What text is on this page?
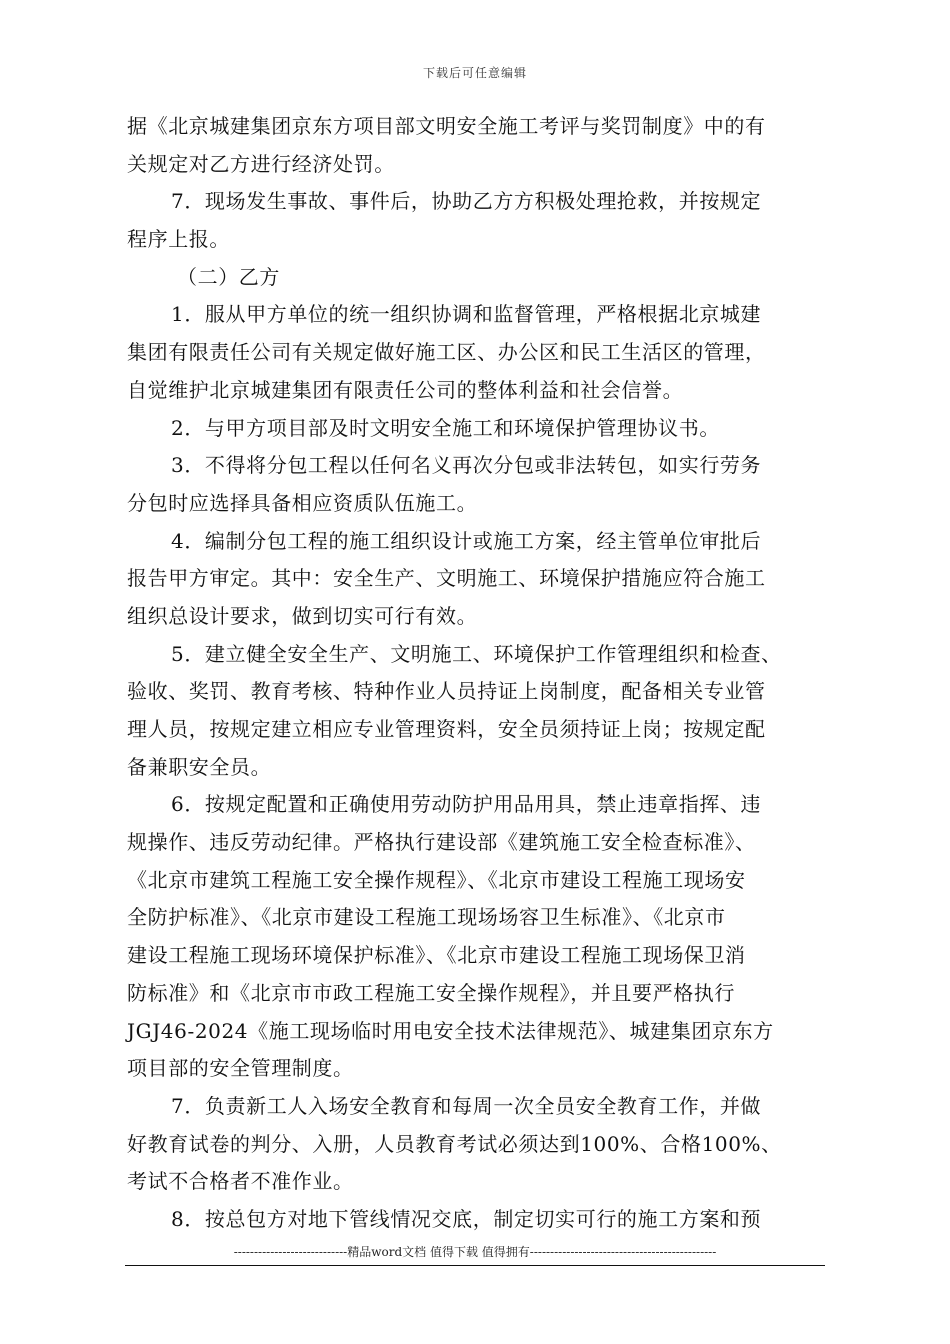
下载后可任意编辑
据《北京城建集团京东方项目部文明安全施工考评与奖罚制度》中的有
关规定对乙方进行经济处罚。
7．现场发生事故、事件后，协助乙方方积极处理抢救，并按规定
程序上报。
（二）乙方
1．服从甲方单位的统一组织协调和监督管理，严格根据北京城建
集团有限责任公司有关规定做好施工区、办公区和民工生活区的管理，
自觉维护北京城建集团有限责任公司的整体利益和社会信誉。
2．与甲方项目部及时文明安全施工和环境保护管理协议书。
3．不得将分包工程以任何名义再次分包或非法转包，如实行劳务
分包时应选择具备相应资质队伍施工。
4．编制分包工程的施工组织设计或施工方案，经主管单位审批后
报告甲方审定。其中：安全生产、文明施工、环境保护措施应符合施工
组织总设计要求，做到切实可行有效。
5．建立健全安全生产、文明施工、环境保护工作管理组织和检查、
验收、奖罚、教育考核、特种作业人员持证上岗制度，配备相关专业管
理人员，按规定建立相应专业管理资料，安全员须持证上岗；按规定配
备兼职安全员。
6．按规定配置和正确使用劳动防护用品用具，禁止违章指挥、违
规操作、违反劳动纪律。严格执行建设部《建筑施工安全检查标准》、
《北京市建筑工程施工安全操作规程》、《北京市建设工程施工现场安
全防护标准》、《北京市建设工程施工现场场容卫生标准》、《北京市
建设工程施工现场环境保护标准》、《北京市建设工程施工现场保卫消
防标准》和《北京市市政工程施工安全操作规程》，并且要严格执行
JGJ46-2024《施工现场临时用电安全技术法律规范》、城建集团京东方
项目部的安全管理制度。
7．负责新工人入场安全教育和每周一次全员安全教育工作，并做
好教育试卷的判分、入册，人员教育考试必须达到100%、合格100%、
考试不合格者不准作业。
8．按总包方对地下管线情况交底，制定切实可行的施工方案和预
----------------------------精品word文档 值得下载 值得拥有----------------------------------------------
